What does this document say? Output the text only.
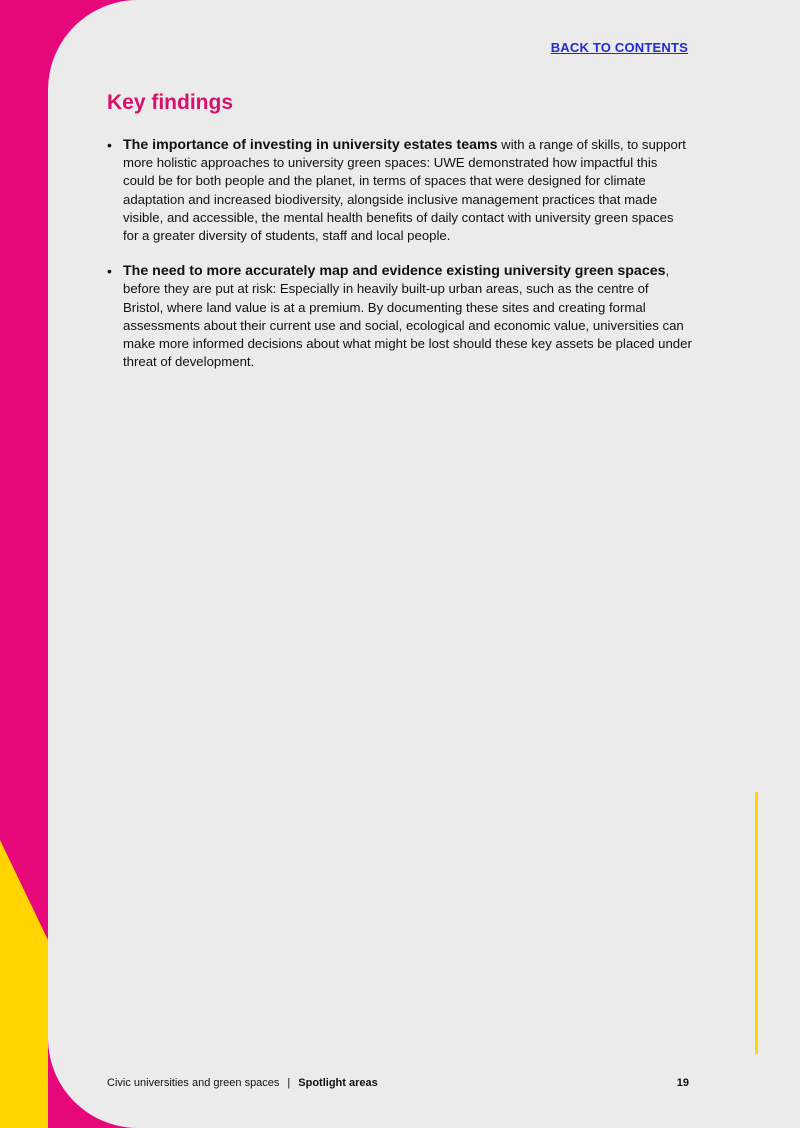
BACK TO CONTENTS
Key findings
• The importance of investing in university estates teams with a range of skills, to support more holistic approaches to university green spaces: UWE demonstrated how impactful this could be for both people and the planet, in terms of spaces that were designed for climate adaptation and increased biodiversity, alongside inclusive management practices that made visible, and accessible, the mental health benefits of daily contact with university green spaces for a greater diversity of students, staff and local people.
• The need to more accurately map and evidence existing university green spaces, before they are put at risk: Especially in heavily built-up urban areas, such as the centre of Bristol, where land value is at a premium. By documenting these sites and creating formal assessments about their current use and social, ecological and economic value, universities can make more informed decisions about what might be lost should these key assets be placed under threat of development.
Civic universities and green spaces | Spotlight areas	19
